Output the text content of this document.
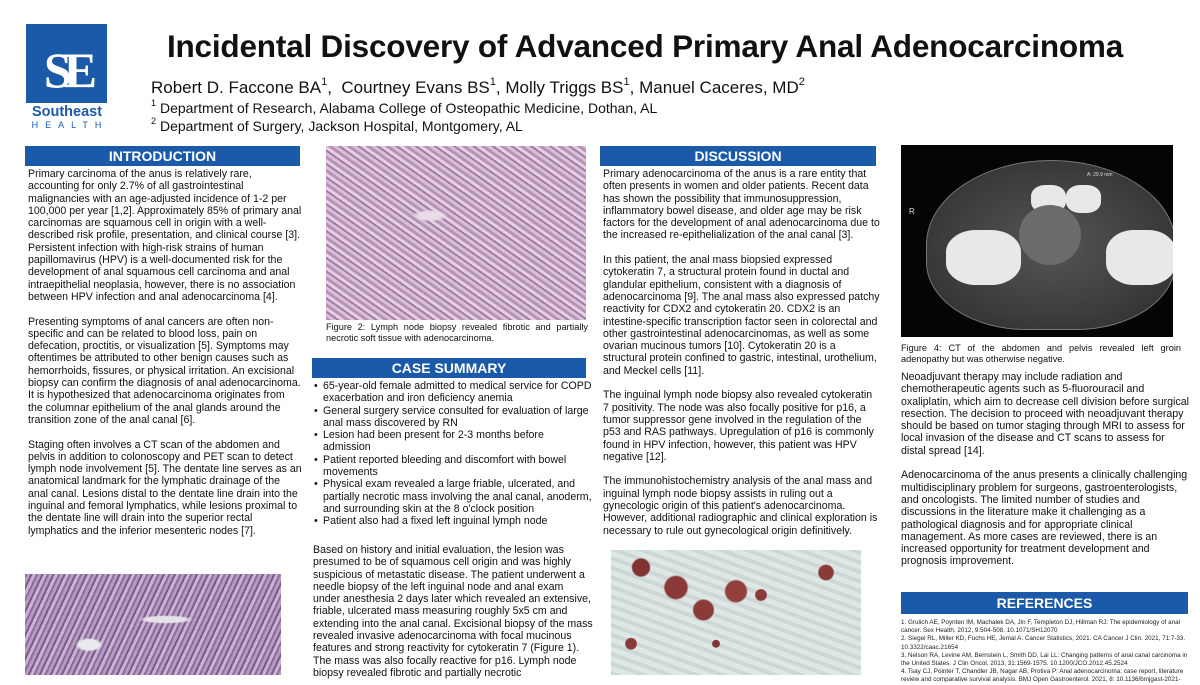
SE
Southeast
HEALTH
Incidental Discovery of Advanced Primary Anal Adenocarcinoma
Robert D. Faccone $BA^1$,  Courtney Evans $BS^1$, Molly Triggs $BS^1$, Manuel Caceres, $MD^2$
$^1$ Department of Research, Alabama College of Osteopathic Medicine, Dothan, AL
$^2$ Department of Surgery, Jackson Hospital, Montgomery, AL
INTRODUCTION

Primary carcinoma of the anus is relatively rare, accounting for only 2.7% of all gastrointestinal malignancies with an age-adjusted incidence of 1-2 per 100,000 per year [1,2]. Approximately 85% of primary anal carcinomas are squamous cell in origin with a well-described risk profile, presentation, and clinical course [3]. Persistent infection with high-risk strains of human papillomavirus (HPV) is a well-documented risk for the development of anal squamous cell carcinoma and anal intraepithelial neoplasia, however, there is no association between HPV infection and anal adenocarcinoma [4].

Presenting symptoms of anal cancers are often non-specific and can be related to blood loss, pain on defecation, proctitis, or visualization [5]. Symptoms may oftentimes be attributed to other benign causes such as hemorrhoids, fissures, or physical irritation. An excisional biopsy can confirm the diagnosis of anal adenocarcinoma. It is hypothesized that adenocarcinoma originates from the columnar epithelium of the anal glands around the transition zone of the anal canal [6].

Staging often involves a CT scan of the abdomen and pelvis in addition to colonoscopy and PET scan to detect lymph node involvement [5]. The dentate line serves as an anatomical landmark for the lymphatic drainage of the anal canal. Lesions distal to the dentate line drain into the inguinal and femoral lymphatics, while lesions proximal to the dentate line will drain into the superior rectal lymphatics and the inferior mesenteric nodes [7].

Figure 2: Lymph node biopsy revealed fibrotic and partially necrotic soft tissue with adenocarcinoma.
CASE SUMMARY
• 65-year-old female admitted to medical service for COPD exacerbation and iron deficiency anemia
• General surgery service consulted for evaluation of large anal mass discovered by RN
• Lesion had been present for 2-3 months before admission
• Patient reported bleeding and discomfort with bowel movements
• Physical exam revealed a large friable, ulcerated, and partially necrotic mass involving the anal canal, anoderm, and surrounding skin at the 8 o'clock position
• Patient also had a fixed left inguinal lymph node
Based on history and initial evaluation, the lesion was presumed to be of squamous cell origin and was highly suspicious of metastatic disease. The patient underwent a needle biopsy of the left inguinal node and anal exam under anesthesia 2 days later which revealed an extensive, friable, ulcerated mass measuring roughly 5x5 cm and extending into the anal canal. Excisional biopsy of the mass revealed invasive adenocarcinoma with focal mucinous features and strong reactivity for cytokeratin 7 (Figure 1). The mass was also focally reactive for p16. Lymph node biopsy revealed fibrotic and partially necrotic
DISCUSSION

Primary adenocarcinoma of the anus is a rare entity that often presents in women and older patients. Recent data has shown the possibility that immunosuppression, inflammatory bowel disease, and older age may be risk factors for the development of anal adenocarcinoma due to the increased re-epithelialization of the anal canal [3].

In this patient, the anal mass biopsied expressed cytokeratin 7, a structural protein found in ductal and glandular epithelium, consistent with a diagnosis of adenocarcinoma [9]. The anal mass also expressed patchy reactivity for CDX2 and cytokeratin 20. CDX2 is an intestine-specific transcription factor seen in colorectal and other gastrointestinal adenocarcinomas, as well as some ovarian mucinous tumors [10]. Cytokeratin 20 is a structural protein confined to gastric, intestinal, urothelium, and Meckel cells [11].

The inguinal lymph node biopsy also revealed cytokeratin 7 positivity. The node was also focally positive for p16, a tumor suppressor gene involved in the regulation of the p53 and RAS pathways. Upregulation of p16 is commonly found in HPV infection, however, this patient was HPV negative [12].

The immunohistochemistry analysis of the anal mass and inguinal lymph node biopsy assists in ruling out a gynecologic origin of this patient's adenocarcinoma. However, additional radiographic and clinical exploration is necessary to rule out gynecological origin definitively.

R
A: 29.9 mm
Figure 4: CT of the abdomen and pelvis revealed left groin adenopathy but was otherwise negative.

Neoadjuvant therapy may include radiation and chemotherapeutic agents such as 5-fluorouracil and oxaliplatin, which aim to decrease cell division before surgical resection. The decision to proceed with neoadjuvant therapy should be based on tumor staging through MRI to assess for local invasion of the disease and CT scans to assess for distal spread [14].

Adenocarcinoma of the anus presents a clinically challenging multidisciplinary problem for surgeons, gastroenterologists, and oncologists. The limited number of studies and discussions in the literature make it challenging as a pathological diagnosis and for appropriate clinical management. As more cases are reviewed, there is an increased opportunity for treatment development and prognosis improvement.

REFERENCES
1. Grulich AE, Poynten IM, Machalek DA, Jin F, Templeton DJ, Hillman RJ: The epidemiology of anal cancer. Sex Health. 2012, 9:504-508. 10.1071/SH12070
2. Siegel RL, Miller KD, Fuchs HE, Jemal A: Cancer Statistics, 2021. CA Cancer J Clin. 2021, 71:7-33. 10.3322/caac.21654
3. Nelson RA, Levine AM, Bernstein L, Smith DD, Lai LL: Changing patterns of anal canal carcinoma in the United States. J Clin Oncol. 2013, 31:1569-1575. 10.1200/JCO.2012.45.2524
4. Tsay CJ, Pointer T, Chandler JB, Nagar AB, Protiva P: Anal adenocarcinoma: case report, literature review and comparative survival analysis. BMJ Open Gastroenterol. 2021, 8: 10.1136/bmjgast-2021-
